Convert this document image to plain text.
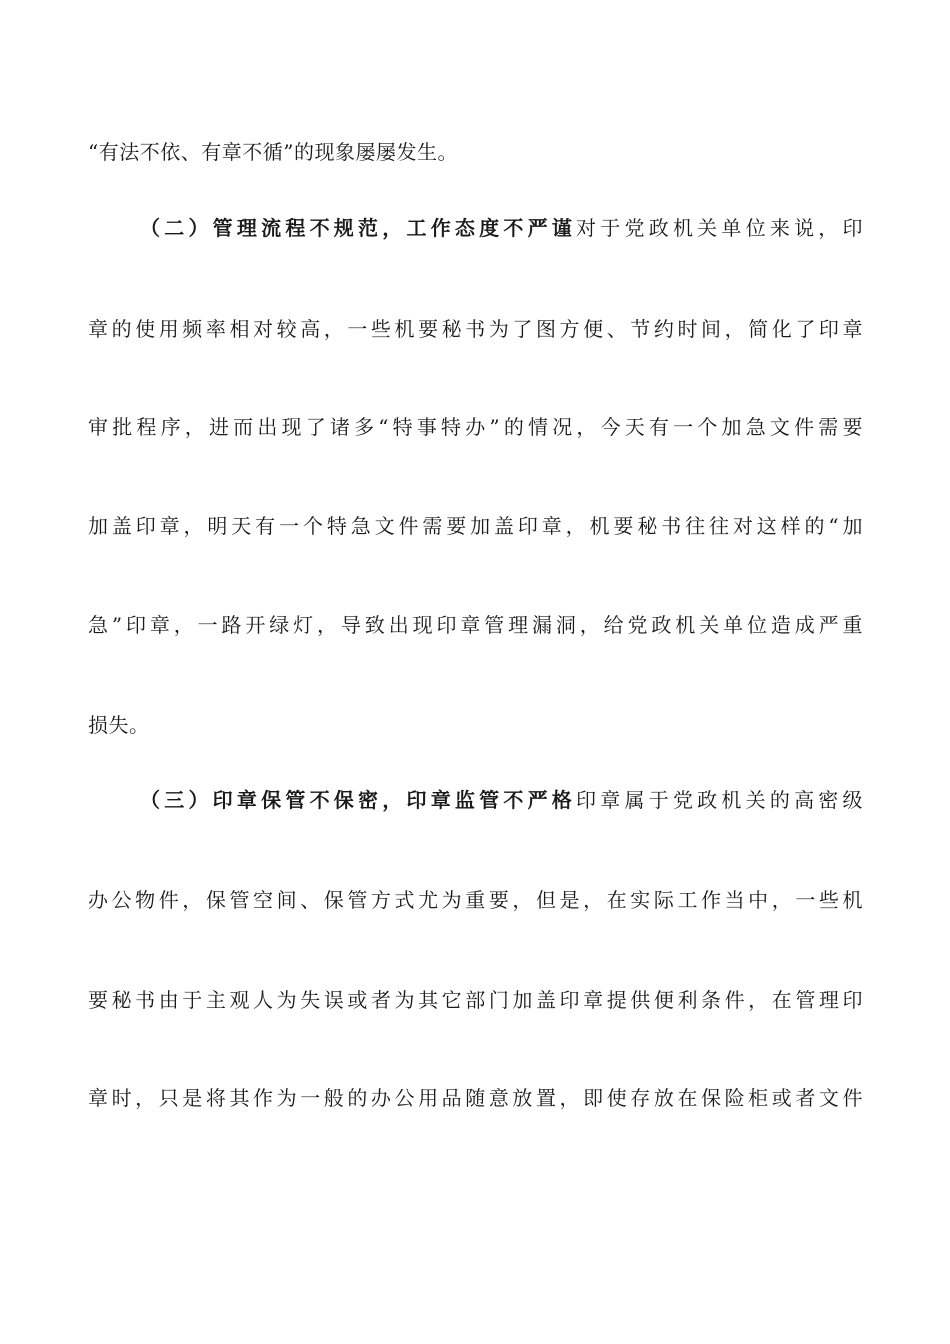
“有法不依、有章不循”的现象屡屡发生。
（二）管理流程不规范，工作态度不严谨对于党政机关单位来说，印
章的使用频率相对较高，一些机要秘书为了图方便、节约时间，简化了印章
审批程序，进而出现了诸多“特事特办”的情况，今天有一个加急文件需要
加盖印章，明天有一个特急文件需要加盖印章，机要秘书往往对这样的“加
急”印章，一路开绿灯，导致出现印章管理漏洞，给党政机关单位造成严重
损失。
（三）印章保管不保密，印章监管不严格印章属于党政机关的高密级
办公物件，保管空间、保管方式尤为重要，但是，在实际工作当中，一些机
要秘书由于主观人为失误或者为其它部门加盖印章提供便利条件，在管理印
章时，只是将其作为一般的办公用品随意放置，即使存放在保险柜或者文件
